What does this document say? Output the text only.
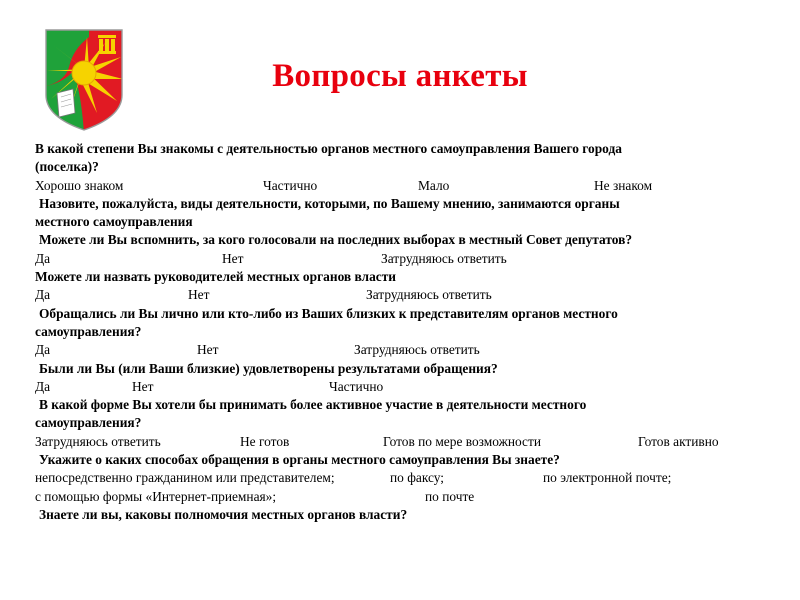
Вопросы анкеты
В какой степени Вы знакомы с деятельностью органов местного самоуправления Вашего города
(поселка)?
Хорошо знаком	Частично	Мало	Не знаком
Назовите, пожалуйста, виды деятельности, которыми, по Вашему мнению, занимаются органы
местного самоуправления
Можете ли Вы вспомнить, за кого голосовали на последних выборах в местный Совет депутатов?
Да	Нет	Затрудняюсь ответить
Можете ли назвать руководителей местных органов власти
Да	Нет	Затрудняюсь ответить
Обращались ли Вы лично или кто-либо из Ваших близких к представителям органов местного
самоуправления?
Да	Нет	Затрудняюсь ответить
Были ли Вы (или Ваши близкие) удовлетворены результатами обращения?
Да	Нет	Частично
В какой форме Вы хотели бы принимать более активное участие в деятельности местного
самоуправления?
Затрудняюсь ответить	Не готов	Готов по мере возможности	Готов активно
Укажите о каких способах обращения в органы местного самоуправления Вы знаете?
непосредственно гражданином или представителем;	по факсу;	по электронной почте;
с помощью формы «Интернет-приемная»;	по почте
Знаете ли вы, каковы полномочия местных органов власти?
